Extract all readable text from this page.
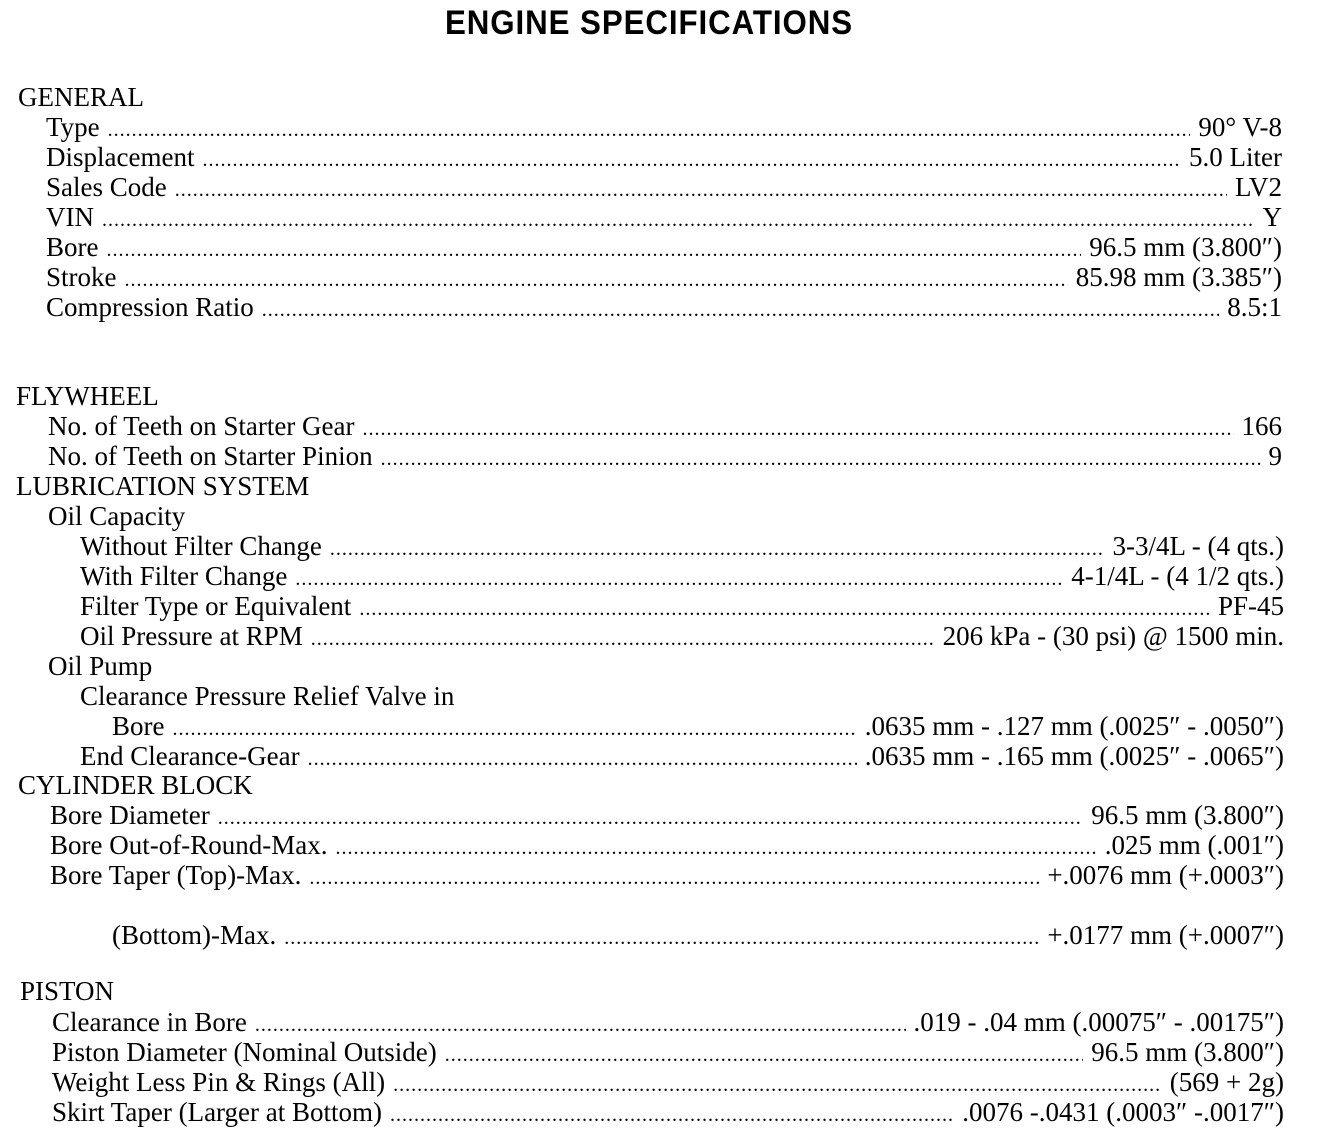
ENGINE SPECIFICATIONS
GENERAL
Type .....	90° V-8
Displacement .....	5.0 Liter
Sales Code .....	LV2
VIN .....	Y
Bore .....	96.5 mm (3.800″)
Stroke .....	85.98 mm (3.385″)
Compression Ratio .....	8.5:1
FLYWHEEL
No. of Teeth on Starter Gear .....	166
No. of Teeth on Starter Pinion .....	9
LUBRICATION SYSTEM
Oil Capacity
Without Filter Change .....	3-3/4L - (4 qts.)
With Filter Change .....	4-1/4L - (4 1/2 qts.)
Filter Type or Equivalent .....	PF-45
Oil Pressure at RPM .....	206 kPa - (30 psi) @ 1500 min.
Oil Pump
Clearance Pressure Relief Valve in
Bore .....	.0635 mm - .127 mm (.0025″ - .0050″)
End Clearance-Gear .....	.0635 mm - .165 mm (.0025″ - .0065″)
CYLINDER BLOCK
Bore Diameter .....	96.5 mm (3.800″)
Bore Out-of-Round-Max. .....	.025 mm (.001″)
Bore Taper (Top)-Max. .....	+.0076 mm (+.0003″)
(Bottom)-Max. .....	+.0177 mm (+.0007″)
PISTON
Clearance in Bore .....	.019 - .04 mm (.00075″ - .00175″)
Piston Diameter (Nominal Outside) .....	96.5 mm (3.800″)
Weight Less Pin & Rings (All) .....	(569 + 2g)
Skirt Taper (Larger at Bottom) .....	.0076 -.0431 (.0003″ -.0017″)
